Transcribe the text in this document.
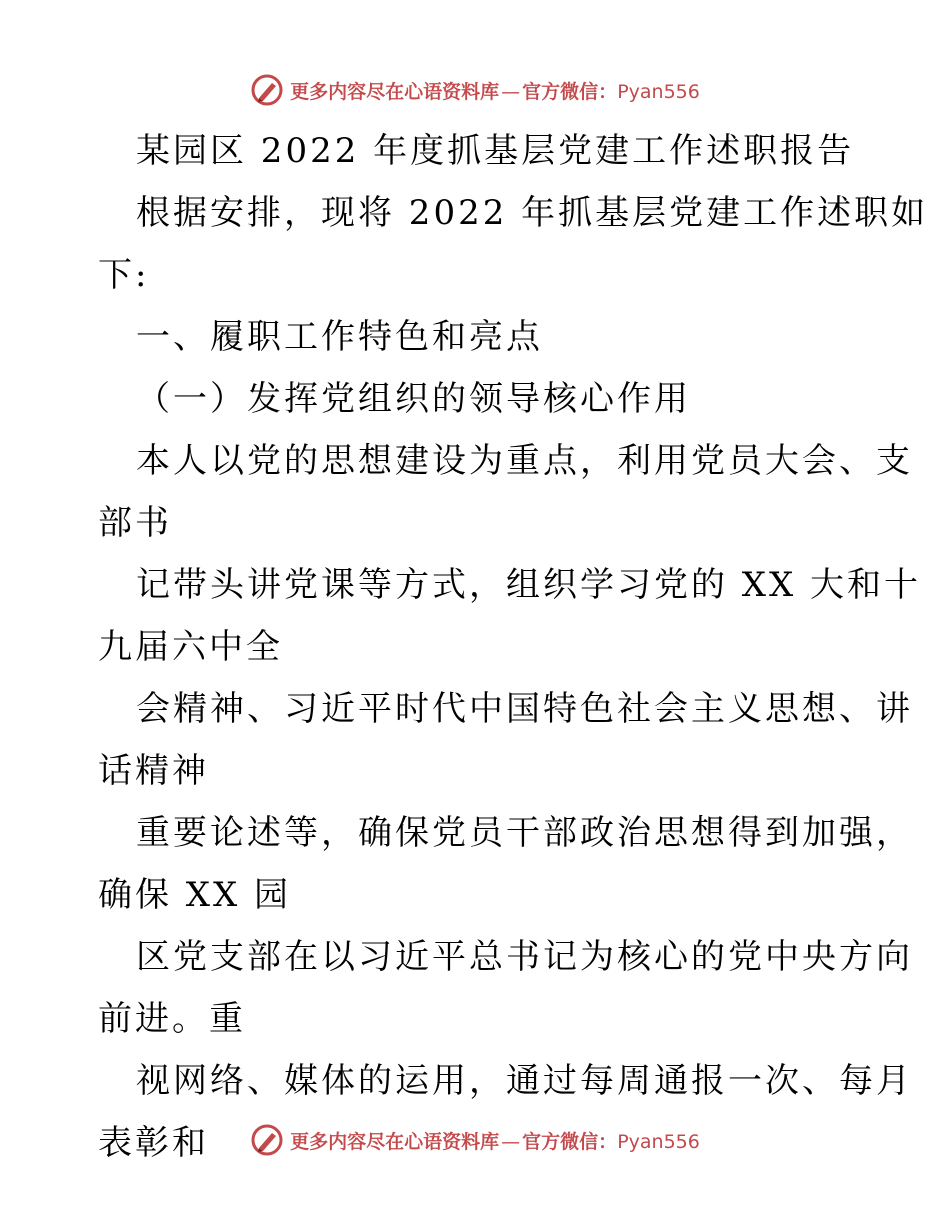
更多内容尽在心语资料库 — 官方微信：Pyan556
某园区 2022 年度抓基层党建工作述职报告
根据安排，现将 2022 年抓基层党建工作述职如
下:
一、履职工作特色和亮点
（一）发挥党组织的领导核心作用
本人以党的思想建设为重点，利用党员大会、支
部书
记带头讲党课等方式，组织学习党的 XX 大和十
九届六中全
会精神、习近平时代中国特色社会主义思想、讲
话精神
重要论述等，确保党员干部政治思想得到加强，
确保 XX 园
区党支部在以习近平总书记为核心的党中央方向
前进。重
视网络、媒体的运用，通过每周通报一次、每月
表彰和	更多内容尽在心语资料库 — 官方微信：Pyan556
